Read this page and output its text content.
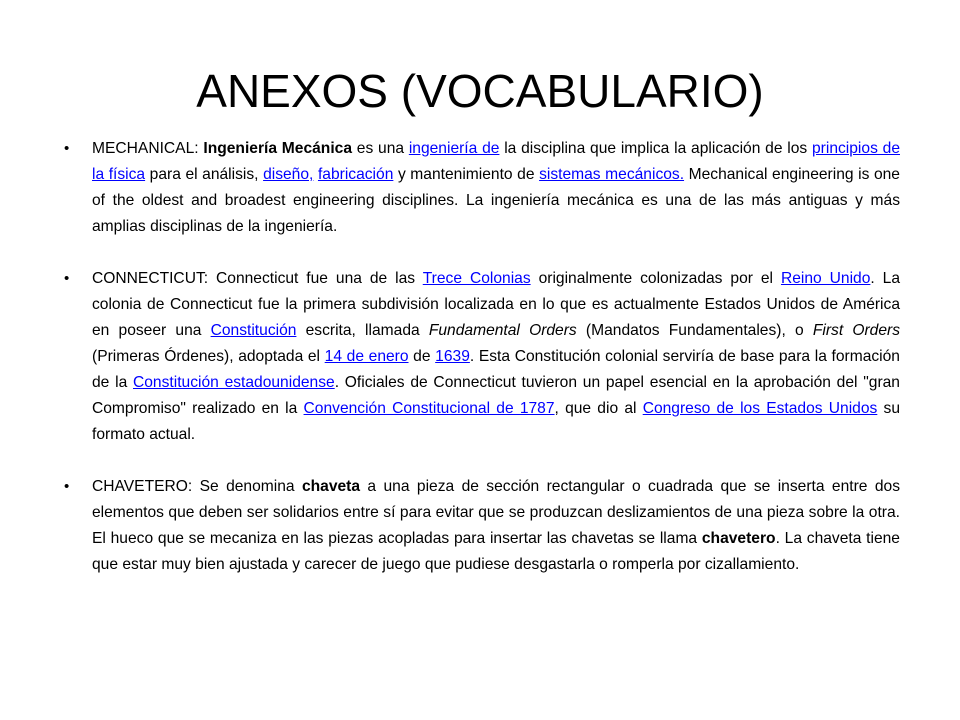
ANEXOS (VOCABULARIO)
• MECHANICAL: Ingeniería Mecánica es una ingeniería de la disciplina que implica la aplicación de los principios de la física para el análisis, diseño, fabricación y mantenimiento de sistemas mecánicos. Mechanical engineering is one of the oldest and broadest engineering disciplines. La ingeniería mecánica es una de las más antiguas y más amplias disciplinas de la ingeniería.
• CONNECTICUT: Connecticut fue una de las Trece Colonias originalmente colonizadas por el Reino Unido. La colonia de Connecticut fue la primera subdivisión localizada en lo que es actualmente Estados Unidos de América en poseer una Constitución escrita, llamada Fundamental Orders (Mandatos Fundamentales), o First Orders (Primeras Órdenes), adoptada el 14 de enero de 1639. Esta Constitución colonial serviría de base para la formación de la Constitución estadounidense. Oficiales de Connecticut tuvieron un papel esencial en la aprobación del "gran Compromiso" realizado en la Convención Constitucional de 1787, que dio al Congreso de los Estados Unidos su formato actual.
• CHAVETERO: Se denomina chaveta a una pieza de sección rectangular o cuadrada que se inserta entre dos elementos que deben ser solidarios entre sí para evitar que se produzcan deslizamientos de una pieza sobre la otra. El hueco que se mecaniza en las piezas acopladas para insertar las chavetas se llama chavetero. La chaveta tiene que estar muy bien ajustada y carecer de juego que pudiese desgastarla o romperla por cizallamiento.
